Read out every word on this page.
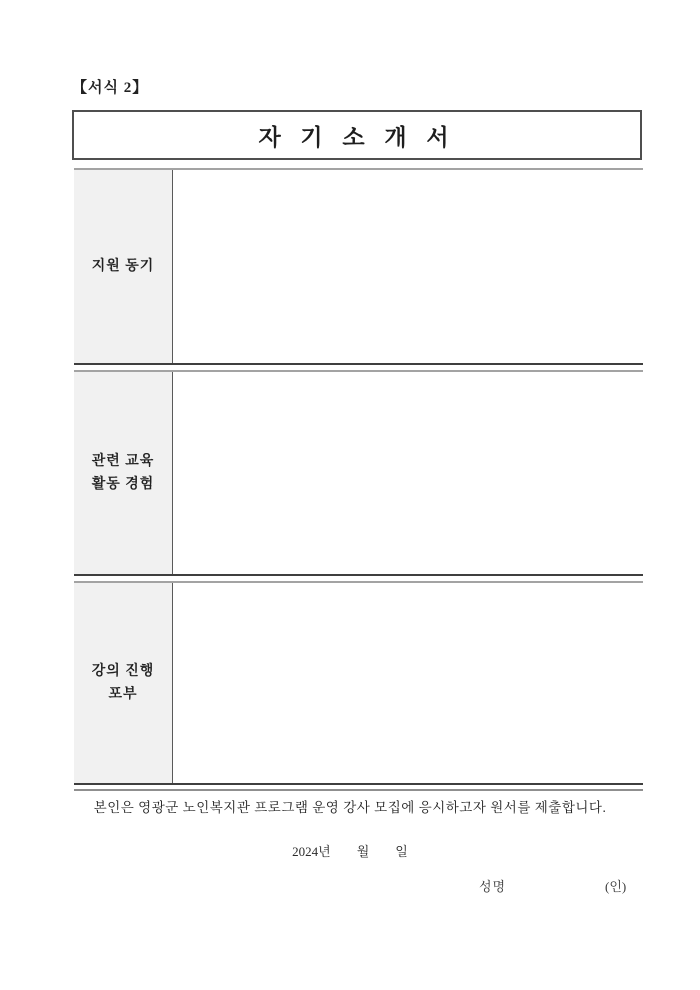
【서식 2】
자 기 소 개 서
지원 동기
관련 교육
활동 경험
강의 진행
포부
본인은 영광군 노인복지관 프로그램 운영 강사 모집에 응시하고자 원서를 제출합니다.
2024년        월        일
성명	(인)
